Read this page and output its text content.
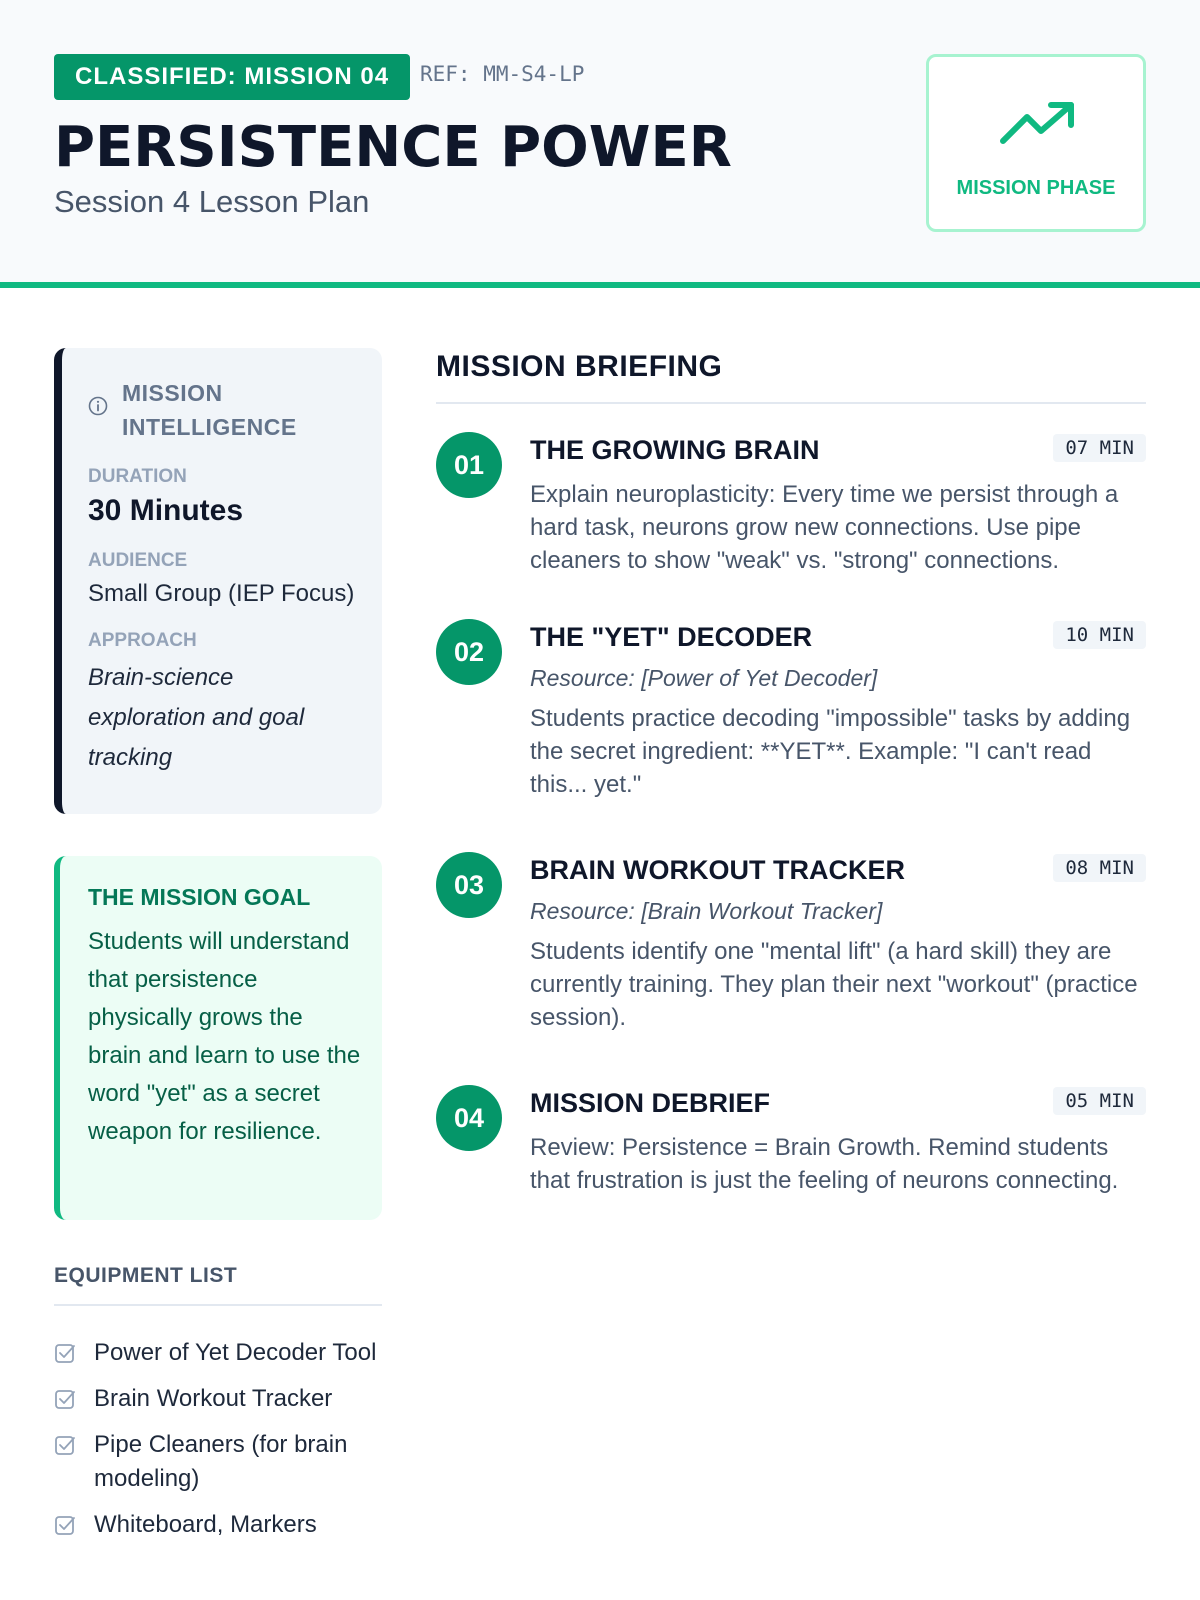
CLASSIFIED: MISSION 04	REF: MM-S4-LP
PERSISTENCE POWER
Session 4 Lesson Plan	MISSION PHASE
MISSION INTELLIGENCE
DURATION
30 Minutes
AUDIENCE
Small Group (IEP Focus)
APPROACH
Brain-science exploration and goal tracking
THE MISSION GOAL
Students will understand that persistence physically grows the brain and learn to use the word "yet" as a secret weapon for resilience.
EQUIPMENT LIST
Power of Yet Decoder Tool
Brain Workout Tracker
Pipe Cleaners (for brain modeling)
Whiteboard, Markers
MISSION BRIEFING
01	THE GROWING BRAIN	07 MIN
Explain neuroplasticity: Every time we persist through a hard task, neurons grow new connections. Use pipe cleaners to show "weak" vs. "strong" connections.
02	THE "YET" DECODER	10 MIN
Resource: [Power of Yet Decoder]
Students practice decoding "impossible" tasks by adding the secret ingredient: **YET**. Example: "I can't read this... yet."
03	BRAIN WORKOUT TRACKER	08 MIN
Resource: [Brain Workout Tracker]
Students identify one "mental lift" (a hard skill) they are currently training. They plan their next "workout" (practice session).
04	MISSION DEBRIEF	05 MIN
Review: Persistence = Brain Growth. Remind students that frustration is just the feeling of neurons connecting.
